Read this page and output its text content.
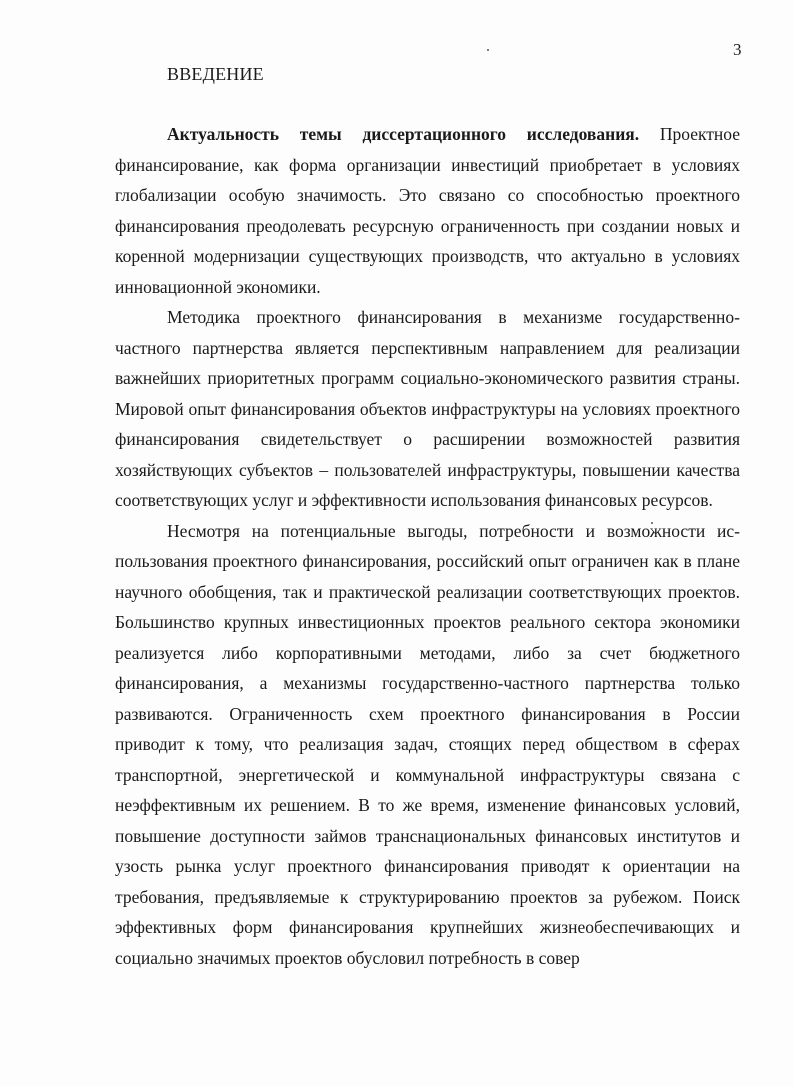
3
ВВЕДЕНИЕ

Актуальность темы диссертационного исследования. Проектное финансирование, как форма организации инвестиций приобретает в условиях глобализации особую значимость. Это связано со способностью проектного финансирования преодолевать ресурсную ограниченность при создании новых и коренной модернизации существующих производств, что актуально в условиях инновационной экономики.

Методика проектного финансирования в механизме государственно-частного партнерства является перспективным направлением для реализации важнейших приоритетных программ социально-экономического развития страны. Мировой опыт финансирования объектов инфраструктуры на условиях проектного финансирования свидетельствует о расширении возможностей развития хозяйствующих субъектов – пользователей инфраструктуры, повышении качества соответствующих услуг и эффективности использования финансовых ресурсов.

Несмотря на потенциальные выгоды, потребности и возможности использования проектного финансирования, российский опыт ограничен как в плане научного обобщения, так и практической реализации соответствующих проектов. Большинство крупных инвестиционных проектов реального сектора экономики реализуется либо корпоративными методами, либо за счет бюджетного финансирования, а механизмы государственно-частного партнерства только развиваются. Ограниченность схем проектного финансирования в России приводит к тому, что реализация задач, стоящих перед обществом в сферах транспортной, энергетической и коммунальной инфраструктуры связана с неэффективным их решением. В то же время, изменение финансовых условий, повышение доступности займов транснациональных финансовых институтов и узость рынка услуг проектного финансирования приводят к ориентации на требования, предъявляемые к структурированию проектов за рубежом. Поиск эффективных форм финансирования крупнейших жизнеобеспечивающих и социально значимых проектов обусловил потребность в совер
